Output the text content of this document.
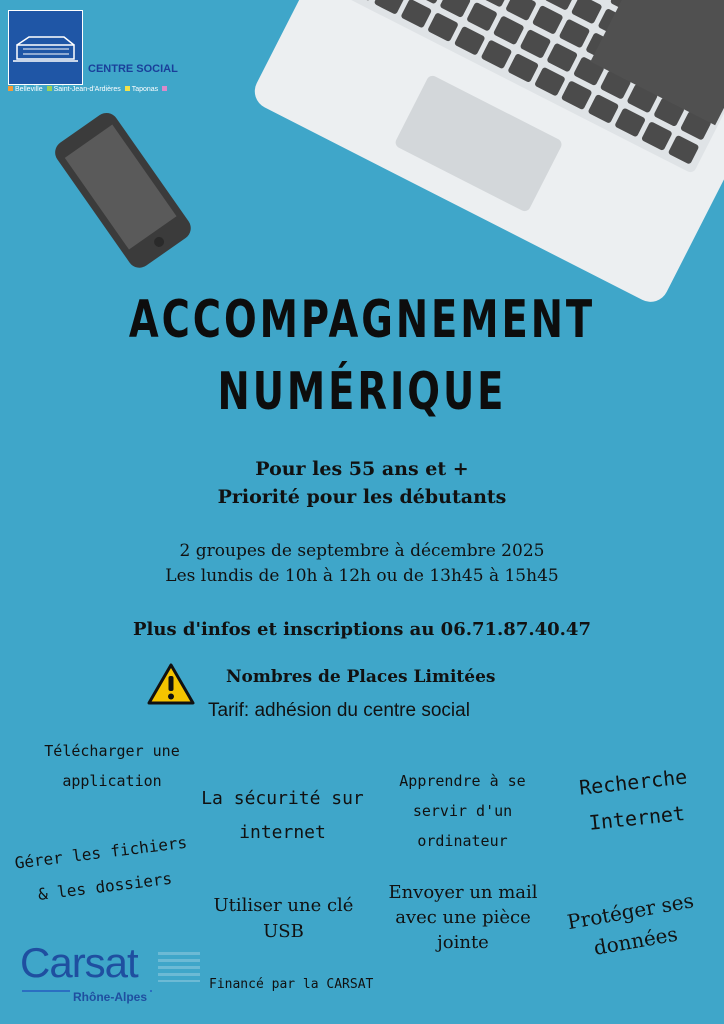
CENTRE SOCIAL
Belleville	Saint-Jean-d'Ardières	Taponas
ACCOMPAGNEMENT
NUMÉRIQUE
Pour les 55 ans et +
Priorité pour les débutants
2 groupes de septembre à décembre 2025
Les lundis de 10h à 12h ou de 13h45 à 15h45
Plus d'infos et inscriptions au 06.71.87.40.47
Nombres de Places Limitées
Tarif: adhésion du centre social
Télécharger une application
La sécurité sur internet
Apprendre à se servir d'un ordinateur
Recherche Internet
Gérer les fichiers & les dossiers
Utiliser une clé USB
Envoyer un mail avec une pièce jointe
Protéger ses données
Carsat
Rhône-Alpes
Financé par la CARSAT
